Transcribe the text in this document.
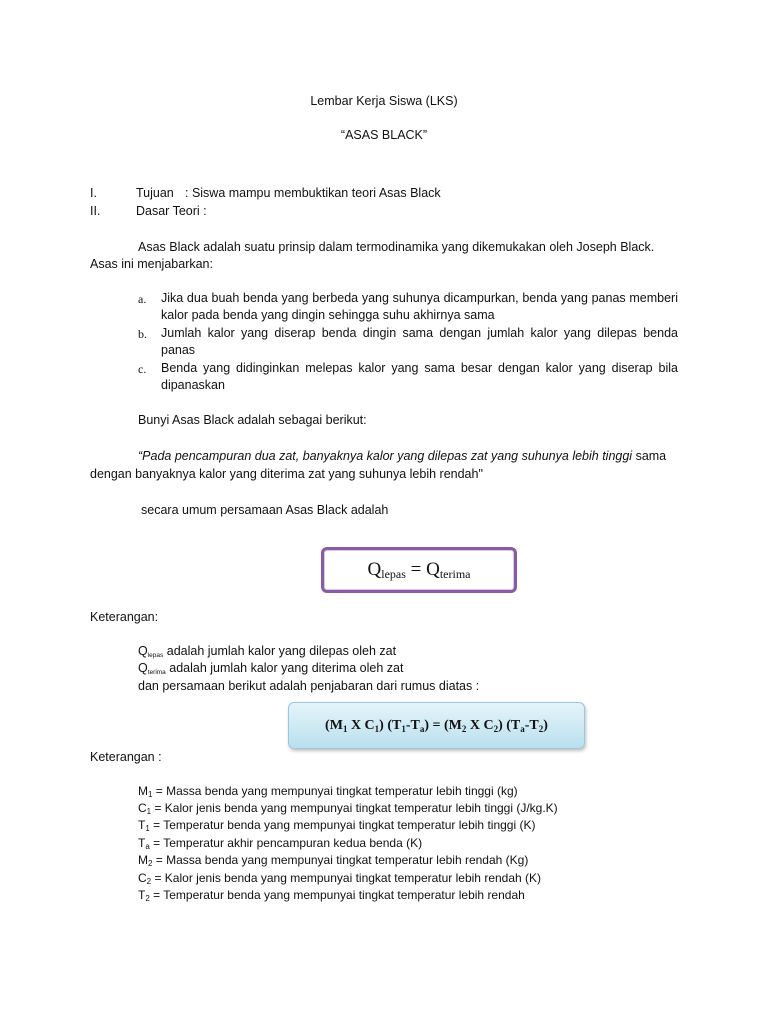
Lembar Kerja Siswa (LKS)
“ASAS BLACK”
I.	Tujuan : Siswa mampu membuktikan teori Asas Black
II.	Dasar Teori :
Asas Black adalah suatu prinsip dalam termodinamika yang dikemukakan oleh Joseph Black.
Asas ini menjabarkan:
a. Jika dua buah benda yang berbeda yang suhunya dicampurkan, benda yang panas memberi kalor pada benda yang dingin sehingga suhu akhirnya sama
b. Jumlah kalor yang diserap benda dingin sama dengan jumlah kalor yang dilepas benda panas
c. Benda yang didinginkan melepas kalor yang sama besar dengan kalor yang diserap bila dipanaskan
Bunyi Asas Black adalah sebagai berikut:
“Pada pencampuran dua zat, banyaknya kalor yang dilepas zat yang suhunya lebih tinggi sama
dengan banyaknya kalor yang diterima zat yang suhunya lebih rendah"
secara umum persamaan Asas Black adalah
Qlepas = Qterima
Keterangan:
$Q_{lepas}$ adalah jumlah kalor yang dilepas oleh zat
$Q_{terima}$ adalah jumlah kalor yang diterima oleh zat
dan persamaan berikut adalah penjabaran dari rumus diatas :
($M_1$ X $C_1$) $(T_1-T_a) = (M_2$ X $C_2$) $(T_a-T_2)$
Keterangan :
M1 = Massa benda yang mempunyai tingkat temperatur lebih tinggi (kg)
C1 = Kalor jenis benda yang mempunyai tingkat temperatur lebih tinggi (J/kg.K)
T1 = Temperatur benda yang mempunyai tingkat temperatur lebih tinggi (K)
Ta = Temperatur akhir pencampuran kedua benda (K)
M2 = Massa benda yang mempunyai tingkat temperatur lebih rendah (Kg)
C2 = Kalor jenis benda yang mempunyai tingkat temperatur lebih rendah (K)
T2 = Temperatur benda yang mempunyai tingkat temperatur lebih rendah
